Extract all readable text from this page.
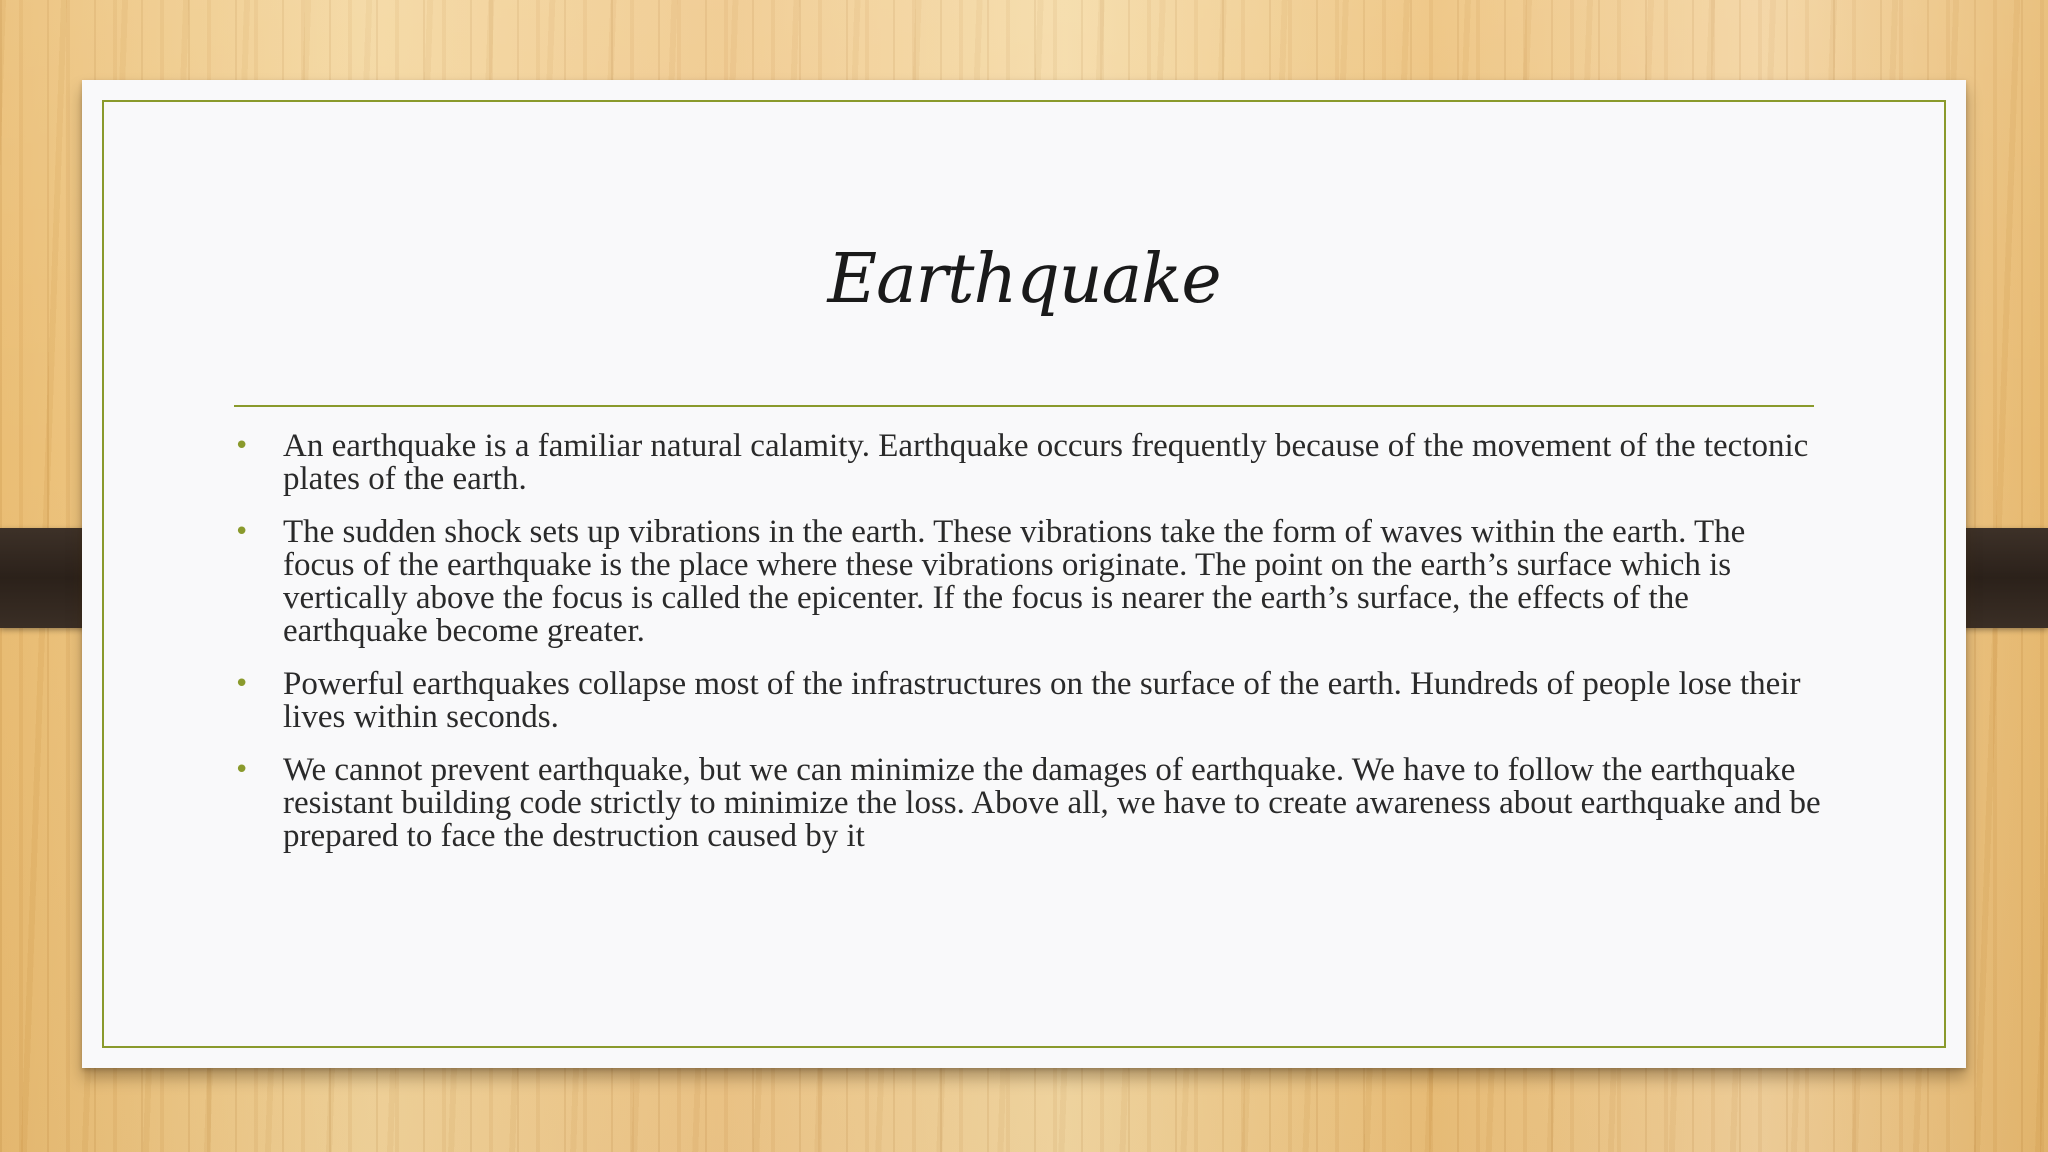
Earthquake
• An earthquake is a familiar natural calamity. Earthquake occurs frequently because of the movement of the tectonic plates of the earth.
• The sudden shock sets up vibrations in the earth. These vibrations take the form of waves within the earth. The focus of the earthquake is the place where these vibrations originate. The point on the earth’s surface which is vertically above the focus is called the epicenter. If the focus is nearer the earth’s surface, the effects of the earthquake become greater.
• Powerful earthquakes collapse most of the infrastructures on the surface of the earth. Hundreds of people lose their lives within seconds.
• We cannot prevent earthquake, but we can minimize the damages of earthquake. We have to follow the earthquake resistant building code strictly to minimize the loss. Above all, we have to create awareness about earthquake and be prepared to face the destruction caused by it
